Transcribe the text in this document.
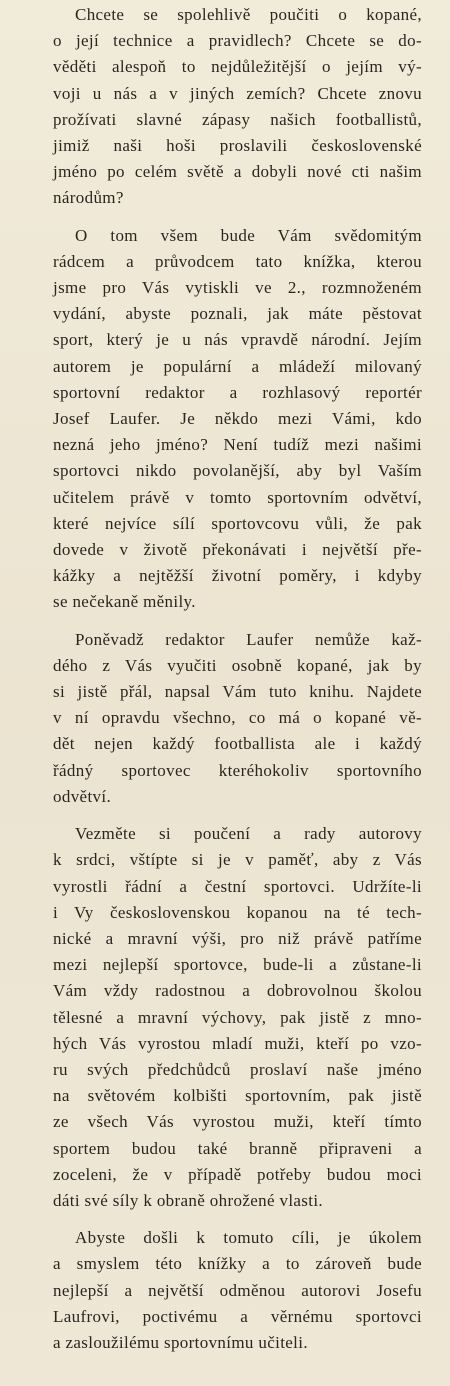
Chcete se spolehlivě poučiti o kopané,
o její technice a pravidlech? Chcete se do-
věděti alespoň to nejdůležitější o jejím vý-
voji u nás a v jiných zemích? Chcete znovu
prožívati slavné zápasy našich footballistů,
jimiž naši hoši proslavili československé
jméno po celém světě a dobyli nové cti našim
národům?
O tom všem bude Vám svědomitým
rádcem a průvodcem tato knížka, kterou
jsme pro Vás vytiskli ve 2., rozmnoženém
vydání, abyste poznali, jak máte pěstovat
sport, který je u nás vpravdě národní. Jejím
autorem je populární a mládeží milovaný
sportovní redaktor a rozhlasový reportér
Josef Laufer. Je někdo mezi Vámi, kdo
nezná jeho jméno? Není tudíž mezi našimi
sportovci nikdo povolanější, aby byl Vaším
učitelem právě v tomto sportovním odvětví,
které nejvíce sílí sportovcovu vůli, že pak
dovede v životě překonávati i největší pře-
kážky a nejtěžší životní poměry, i kdyby
se nečekaně měnily.
Poněvadž redaktor Laufer nemůže kaž-
dého z Vás vyučiti osobně kopané, jak by
si jistě přál, napsal Vám tuto knihu. Najdete
v ní opravdu všechno, co má o kopané vě-
dět nejen každý footballista ale i každý
řádný sportovec kteréhokoliv sportovního
odvětví.
Vezměte si poučení a rady autorovy
k srdci, vštípte si je v paměť, aby z Vás
vyrostli řádní a čestní sportovci. Udržíte-li
i Vy československou kopanou na té tech-
nické a mravní výši, pro niž právě patříme
mezi nejlepší sportovce, bude-li a zůstane-li
Vám vždy radostnou a dobrovolnou školou
tělesné a mravní výchovy, pak jistě z mno-
hých Vás vyrostou mladí muži, kteří po vzo-
ru svých předchůdců proslaví naše jméno
na světovém kolbišti sportovním, pak jistě
ze všech Vás vyrostou muži, kteří tímto
sportem budou také branně připraveni a
zoceleni, že v případě potřeby budou moci
dáti své síly k obraně ohrožené vlasti.
Abyste došli k tomuto cíli, je úkolem
a smyslem této knížky a to zároveň bude
nejlepší a největší odměnou autorovi Josefu
Laufrovi, poctivému a věrnému sportovci
a zasloužilému sportovnímu učiteli.
